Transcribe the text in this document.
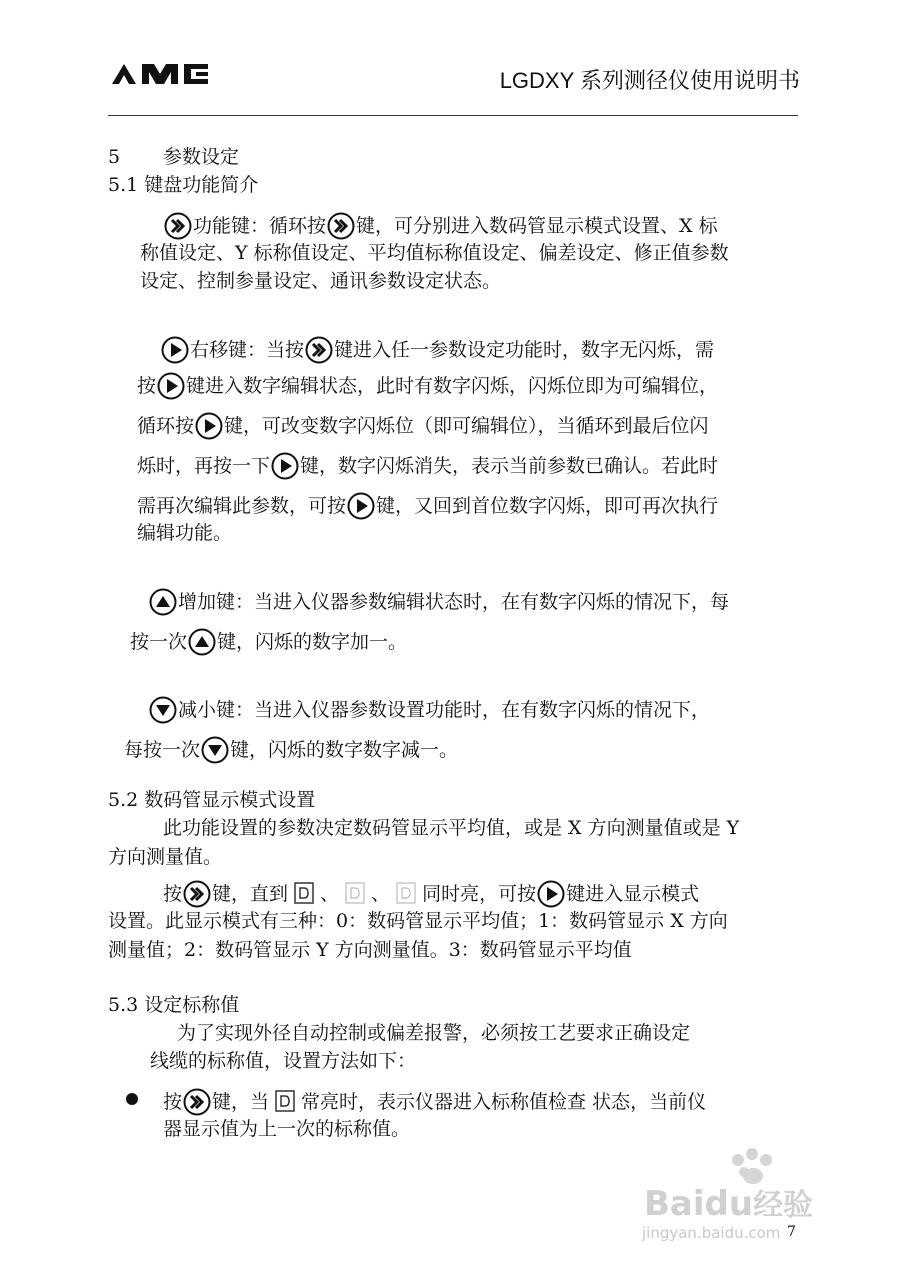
LGDXY 系列测径仪使用说明书
5 参数设定
5.1 键盘功能简介
功能键：循环按 键，可分别进入数码管显示模式设置、X 标
称值设定、Y 标称值设定、平均值标称值设定、偏差设定、修正值参数
设定、控制参量设定、通讯参数设定状态。
右移键：当按 键进入任一参数设定功能时，数字无闪烁，需
按 键进入数字编辑状态，此时有数字闪烁，闪烁位即为可编辑位，
循环按 键，可改变数字闪烁位（即可编辑位），当循环到最后位闪
烁时，再按一下 键，数字闪烁消失，表示当前参数已确认。若此时
需再次编辑此参数，可按 键，又回到首位数字闪烁，即可再次执行
编辑功能。
增加键：当进入仪器参数编辑状态时，在有数字闪烁的情况下，每
按一次 键，闪烁的数字加一。
减小键：当进入仪器参数设置功能时，在有数字闪烁的情况下，
每按一次 键，闪烁的数字数字减一。
5.2 数码管显示模式设置
此功能设置的参数决定数码管显示平均值，或是 X 方向测量值或是 Y
方向测量值。
按 键，直到 、 、 同时亮，可按 键进入显示模式
设置。此显示模式有三种：0：数码管显示平均值；1：数码管显示 X 方向
测量值；2：数码管显示 Y 方向测量值。3：数码管显示平均值
5.3 设定标称值
为了实现外径自动控制或偏差报警，必须按工艺要求正确设定
线缆的标称值，设置方法如下：
按 键，当 常亮时，表示仪器进入标称值检查 状态，当前仪
器显示值为上一次的标称值。
Baidu经验
jingyan.baidu.com 7
